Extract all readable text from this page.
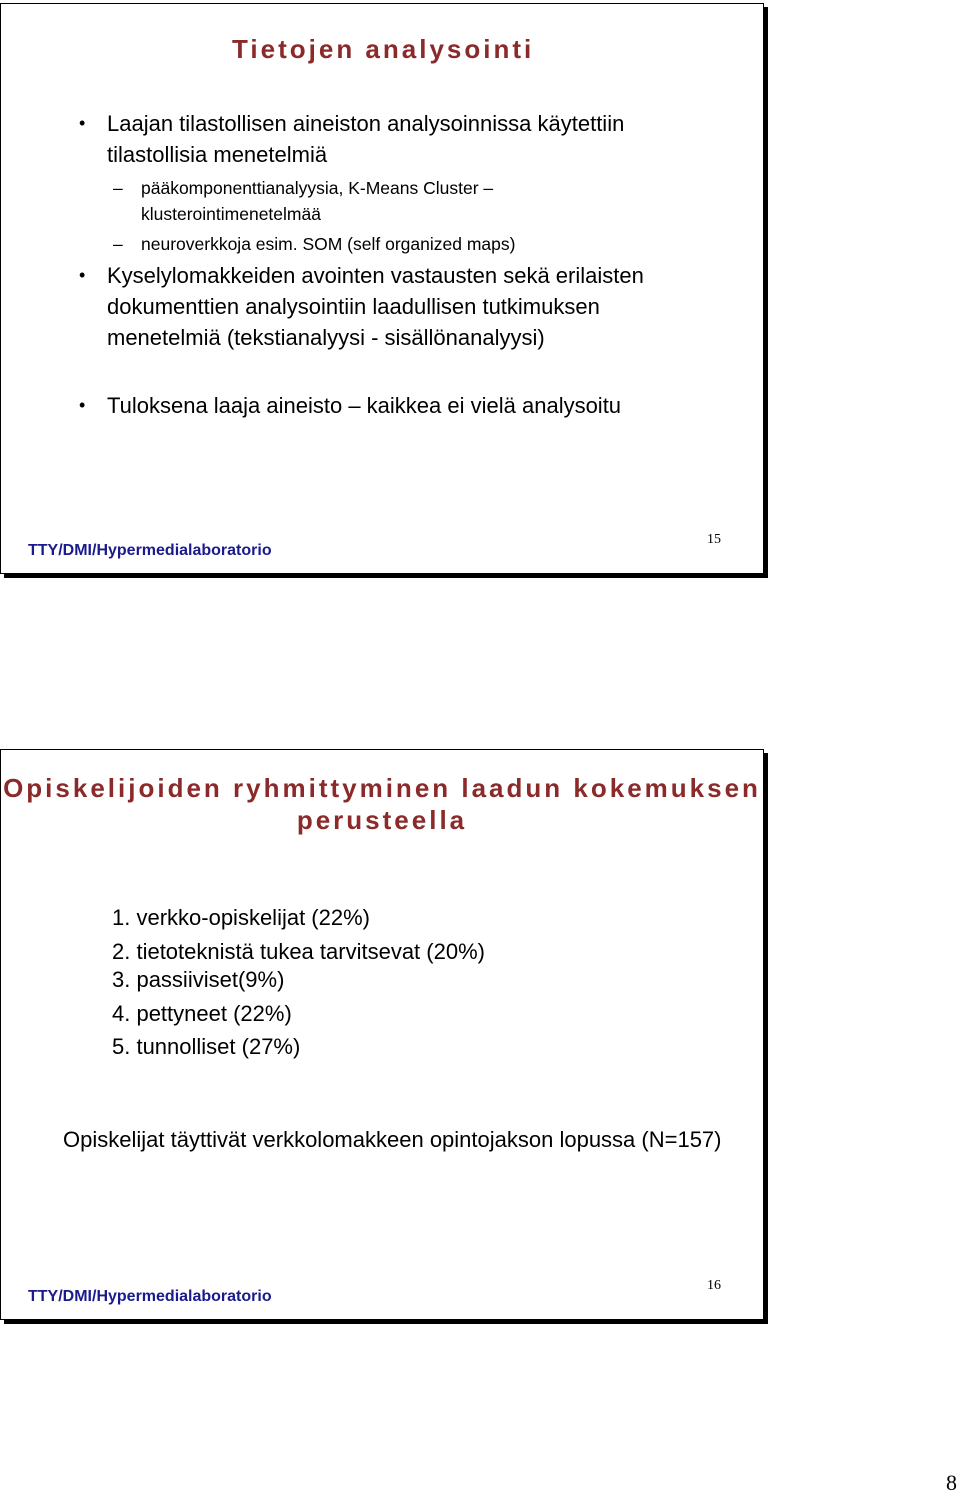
Tietojen analysointi

• Laajan tilastollisen aineiston analysoinnissa käytettiin tilastollisia menetelmiä

– pääkomponenttianalyysia, K-Means Cluster – klusterointimenetelmää

– neuroverkkoja esim. SOM (self organized maps)

• Kyselylomakkeiden avointen vastausten sekä erilaisten dokumenttien analysointiin laadullisen tutkimuksen menetelmiä (tekstianalyysi - sisällönanalyysi)

• Tuloksena laaja aineisto – kaikkea ei vielä analysoitu

TTY/DMI/Hypermedialaboratorio
15
Opiskelijoiden ryhmittyminen laadun kokemuksen perusteella

1. verkko-opiskelijat (22%)

2. tietoteknistä tukea tarvitsevat (20%)

3. passiiviset(9%)

4. pettyneet (22%)

5. tunnolliset (27%)

Opiskelijat täyttivät verkkolomakkeen opintojakson lopussa (N=157)

TTY/DMI/Hypermedialaboratorio
16
8
